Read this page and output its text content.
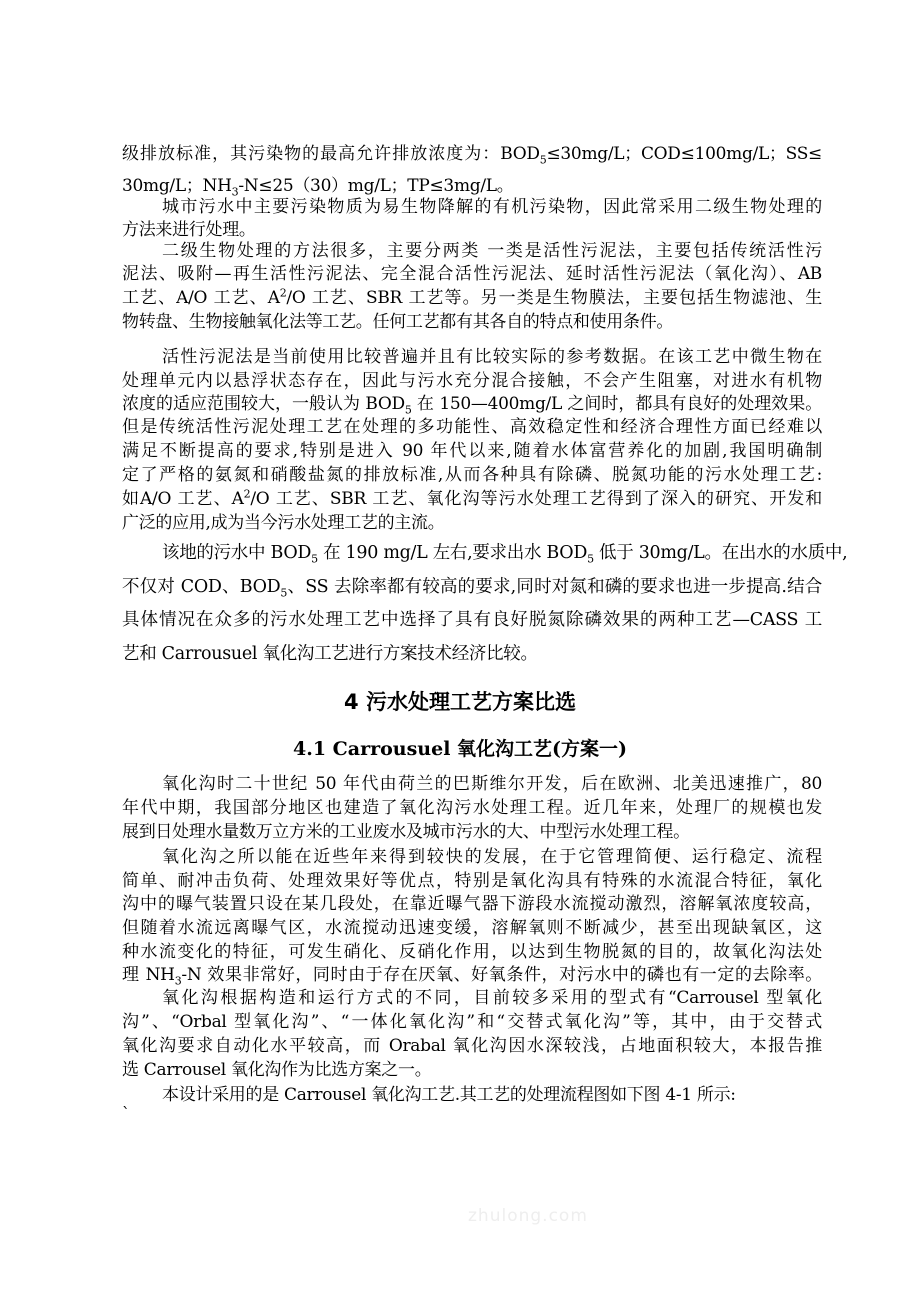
级排放标准，其污染物的最高允许排放浓度为：$BOD_5\le 30mg/L$；COD≤100mg/L；SS≤
30mg/L；$NH_3-N\le 25(30)mg/L$；TP≤3mg/L。
城市污水中主要污染物质为易生物降解的有机污染物，因此常采用二级生物处理的
方法来进行处理。
二级生物处理的方法很多，主要分两类 一类是活性污泥法，主要包括传统活性污
泥法、吸附—再生活性污泥法、完全混合活性污泥法、延时活性污泥法（氧化沟）、AB
工艺、A/O 工艺、$A^2/O$ 工艺、SBR 工艺等。另一类是生物膜法，主要包括生物滤池、生
物转盘、生物接触氧化法等工艺。任何工艺都有其各自的特点和使用条件。
活性污泥法是当前使用比较普遍并且有比较实际的参考数据。在该工艺中微生物在
处理单元内以悬浮状态存在，因此与污水充分混合接触，不会产生阻塞，对进水有机物
浓度的适应范围较大，一般认为 $BOD_5$ 在 150—400mg/L 之间时，都具有良好的处理效果。
但是传统活性污泥处理工艺在处理的多功能性、高效稳定性和经济合理性方面已经难以
满足不断提高的要求,特别是进入 90 年代以来,随着水体富营养化的加剧,我国明确制
定了严格的氨氮和硝酸盐氮的排放标准,从而各种具有除磷、脱氮功能的污水处理工艺:
如A/O 工艺、$A^2/O$ 工艺、SBR 工艺、氧化沟等污水处理工艺得到了深入的研究、开发和
广泛的应用,成为当今污水处理工艺的主流。
该地的污水中 $BOD_5$ 在 190 mg/L 左右,要求出水 $BOD_5$ 低于 30mg/L。在出水的水质中,
不仅对 COD、$BOD_5$、SS 去除率都有较高的要求,同时对氮和磷的要求也进一步提高.结合
具体情况在众多的污水处理工艺中选择了具有良好脱氮除磷效果的两种工艺—CASS 工
艺和 Carrousuel 氧化沟工艺进行方案技术经济比较。
氧化沟时二十世纪 50 年代由荷兰的巴斯维尔开发，后在欧洲、北美迅速推广，80
年代中期，我国部分地区也建造了氧化沟污水处理工程。近几年来，处理厂的规模也发
展到日处理水量数万立方米的工业废水及城市污水的大、中型污水处理工程。
氧化沟之所以能在近些年来得到较快的发展，在于它管理简便、运行稳定、流程
简单、耐冲击负荷、处理效果好等优点，特别是氧化沟具有特殊的水流混合特征，氧化
沟中的曝气装置只设在某几段处，在靠近曝气器下游段水流搅动激烈，溶解氧浓度较高，
但随着水流远离曝气区，水流搅动迅速变缓，溶解氧则不断减少，甚至出现缺氧区，这
种水流变化的特征，可发生硝化、反硝化作用，以达到生物脱氮的目的，故氧化沟法处
理 $NH_3-N$ 效果非常好，同时由于存在厌氧、好氧条件，对污水中的磷也有一定的去除率。
氧化沟根据构造和运行方式的不同，目前较多采用的型式有“Carrousel 型氧化
沟”、“Orbal 型氧化沟”、“一体化氧化沟”和“交替式氧化沟”等，其中，由于交替式
氧化沟要求自动化水平较高，而 Orabal 氧化沟因水深较浅，占地面积较大，本报告推
选 Carrousel 氧化沟作为比选方案之一。
本设计采用的是 Carrousel 氧化沟工艺.其工艺的处理流程图如下图 4-1 所示:
4 污水处理工艺方案比选
4.1 Carrousuel 氧化沟工艺(方案一)
`
zhulong.com
